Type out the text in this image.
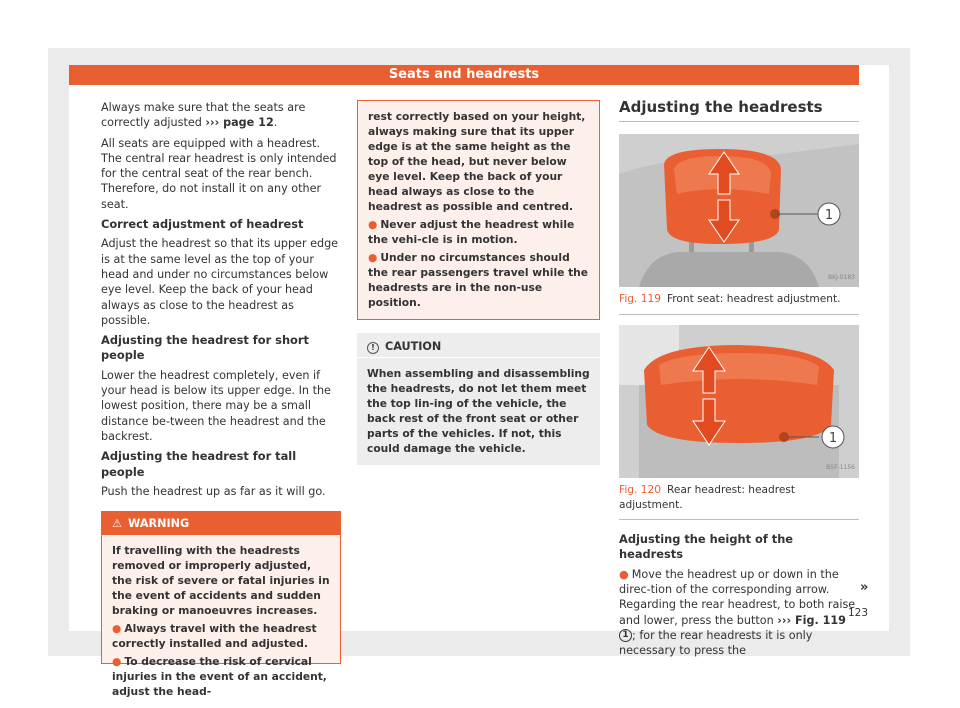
Seats and headrests

Always make sure that the seats are correctly adjusted ››› page 12.

All seats are equipped with a headrest. The central rear headrest is only intended for the central seat of the rear bench. Therefore, do not install it on any other seat.

Correct adjustment of headrest

Adjust the headrest so that its upper edge is at the same level as the top of your head and under no circumstances below eye level. Keep the back of your head always as close to the headrest as possible.

Adjusting the headrest for short people

Lower the headrest completely, even if your head is below its upper edge. In the lowest position, there may be a small distance be-tween the headrest and the backrest.

Adjusting the headrest for tall people

Push the headrest up as far as it will go.

⚠ WARNING
If travelling with the headrests removed or improperly adjusted, the risk of severe or fatal injuries in the event of accidents and sudden braking or manoeuvres increases.
● Always travel with the headrest correctly installed and adjusted.
● To decrease the risk of cervical injuries in the event of an accident, adjust the head-
rest correctly based on your height, always making sure that its upper edge is at the same height as the top of the head, but never below eye level. Keep the back of your head always as close to the headrest as possible and centred.
● Never adjust the headrest while the vehi-cle is in motion.
● Under no circumstances should the rear passengers travel while the headrests are in the non-use position.
! CAUTION
When assembling and disassembling the headrests, do not let them meet the top lin-ing of the vehicle, the back rest of the front seat or other parts of the vehicles. If not, this could damage the vehicle.
Adjusting the headrests
1
BKJ-0183
Fig. 119 Front seat: headrest adjustment.
1
B5F-1156
Fig. 120 Rear headrest: headrest adjustment.

Adjusting the height of the headrests

● Move the headrest up or down in the direc-tion of the corresponding arrow. Regarding the rear headrest, to both raise and lower, press the button ››› Fig. 119 1 ; for the rear headrests it is only necessary to press the

»
123
